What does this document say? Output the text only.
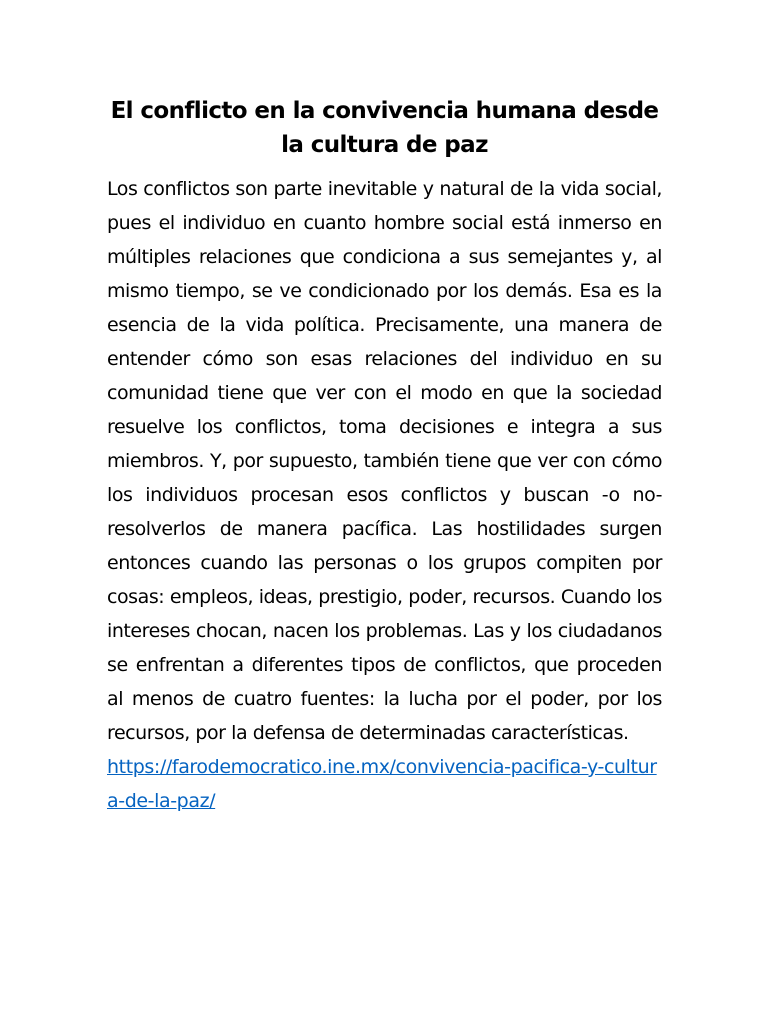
El conflicto en la convivencia humana desde
la cultura de paz

Los conflictos son parte inevitable y natural de la vida social, pues el individuo en cuanto hombre social está inmerso en múltiples relaciones que condiciona a sus semejantes y, al mismo tiempo, se ve condicionado por los demás. Esa es la esencia de la vida política. Precisamente, una manera de entender cómo son esas relaciones del individuo en su comunidad tiene que ver con el modo en que la sociedad resuelve los conflictos, toma decisiones e integra a sus miembros. Y, por supuesto, también tiene que ver con cómo los individuos procesan esos conflictos y buscan -o no-resolverlos de manera pacífica. Las hostilidades surgen entonces cuando las personas o los grupos compiten por cosas: empleos, ideas, prestigio, poder, recursos. Cuando los intereses chocan, nacen los problemas. Las y los ciudadanos se enfrentan a diferentes tipos de conflictos, que proceden al menos de cuatro fuentes: la lucha por el poder, por los recursos, por la defensa de determinadas características.

https://farodemocratico.ine.mx/convivencia-pacifica-y-cultura-de-la-paz/
